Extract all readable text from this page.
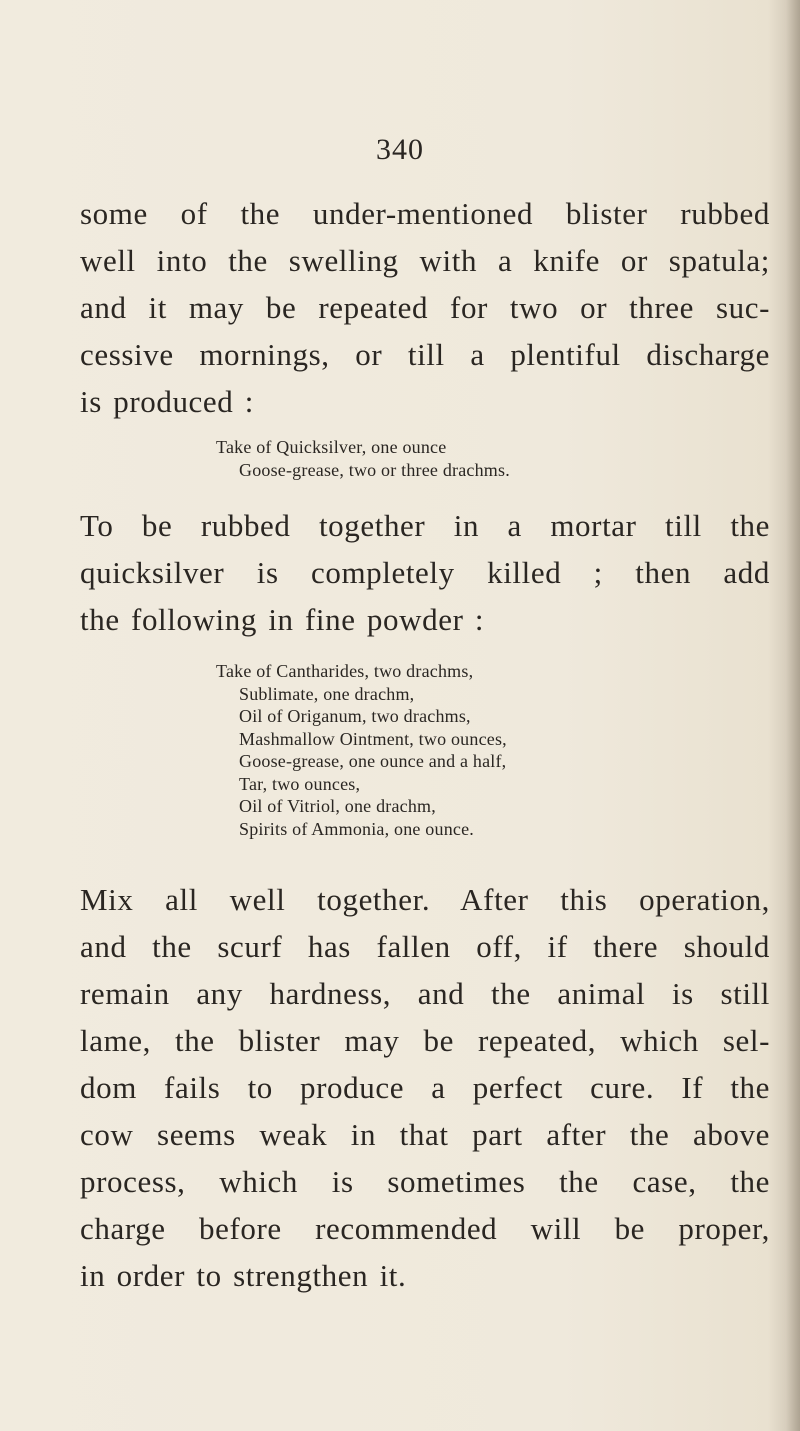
340
some of the under-mentioned blister rubbed
well into the swelling with a knife or spatula;
and it may be repeated for two or three suc-
cessive mornings, or till a plentiful discharge
is produced :
Take of Quicksilver, one ounce
Goose-grease, two or three drachms.
To be rubbed together in a mortar till the
quicksilver is completely killed ; then add
the following in fine powder :
Take of Cantharides, two drachms,
Sublimate, one drachm,
Oil of Origanum, two drachms,
Mashmallow Ointment, two ounces,
Goose-grease, one ounce and a half,
Tar, two ounces,
Oil of Vitriol, one drachm,
Spirits of Ammonia, one ounce.
Mix all well together. After this operation,
and the scurf has fallen off, if there should
remain any hardness, and the animal is still
lame, the blister may be repeated, which sel-
dom fails to produce a perfect cure. If the
cow seems weak in that part after the above
process, which is sometimes the case, the
charge before recommended will be proper,
in order to strengthen it.
